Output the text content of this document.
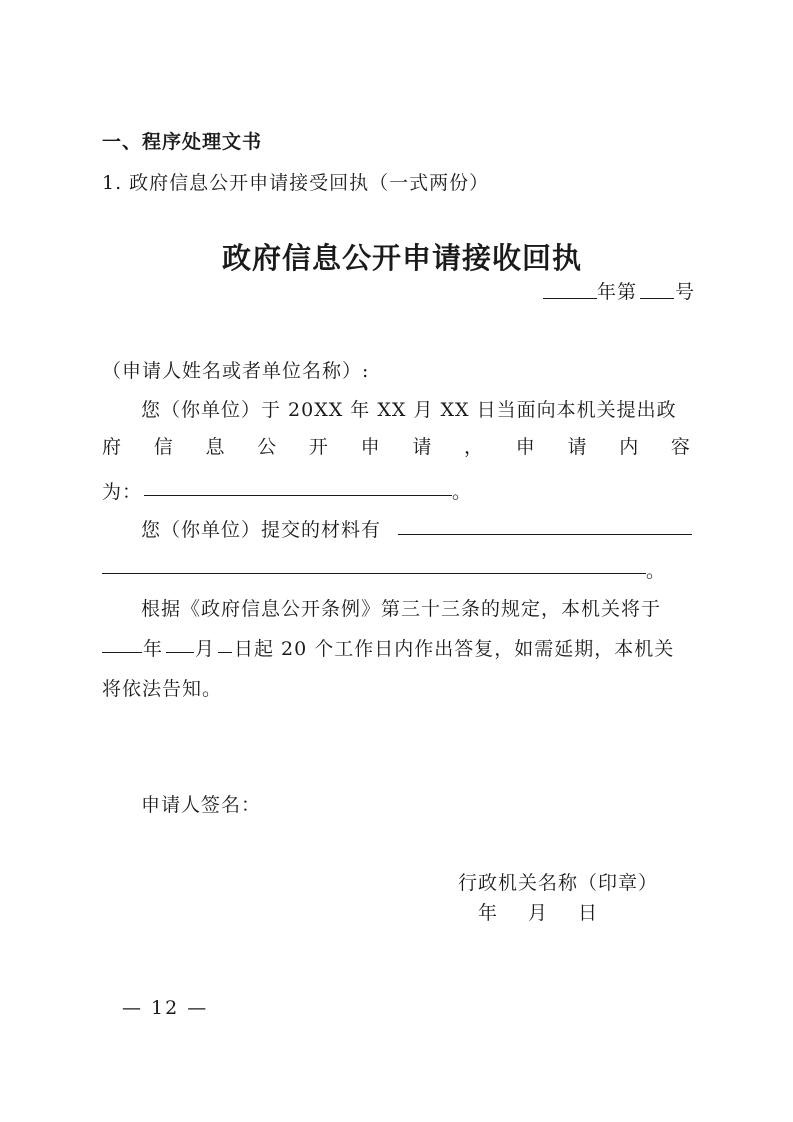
一、程序处理文书
1. 政府信息公开申请接受回执（一式两份）
政府信息公开申请接收回执
年第 号
（申请人姓名或者单位名称）:
您（你单位）于 20XX 年 XX 月 XX 日当面向本机关提出政
府 信 息 公 开 申 请 ， 申 请 内 容
为：	。
您（你单位）提交的材料有
。
根据《政府信息公开条例》第三十三条的规定，本机关将于
年 月 日起 20 个工作日内作出答复，如需延期，本机关
将依法告知。
申请人签名：
行政机关名称（印章）
年　月　日
— 12 —
